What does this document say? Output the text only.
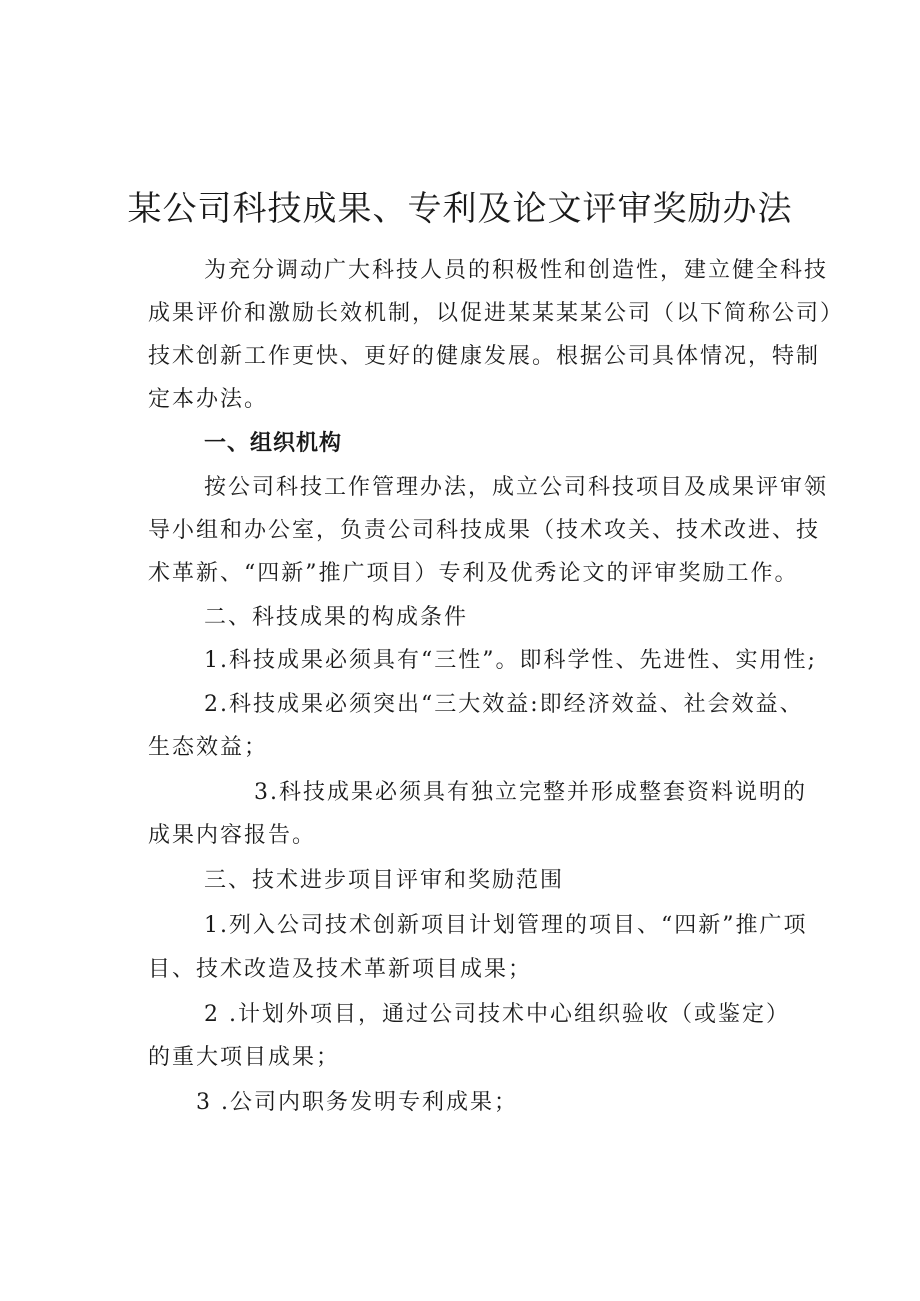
某公司科技成果、专利及论文评审奖励办法
为充分调动广大科技人员的积极性和创造性，建立健全科技
成果评价和激励长效机制，以促进某某某某公司（以下简称公司）
技术创新工作更快、更好的健康发展。根据公司具体情况，特制
定本办法。
一、组织机构
按公司科技工作管理办法，成立公司科技项目及成果评审领
导小组和办公室，负责公司科技成果（技术攻关、技术改进、技
术革新、“四新”推广项目）专利及优秀论文的评审奖励工作。
二、科技成果的构成条件
1.科技成果必须具有“三性”。即科学性、先进性、实用性;
2.科技成果必须突出“三大效益:即经济效益、社会效益、
生态效益；
3.科技成果必须具有独立完整并形成整套资料说明的
成果内容报告。
三、技术进步项目评审和奖励范围
1.列入公司技术创新项目计划管理的项目、“四新”推广项
目、技术改造及技术革新项目成果；
2 .计划外项目，通过公司技术中心组织验收（或鉴定）
的重大项目成果；
3 .公司内职务发明专利成果；
